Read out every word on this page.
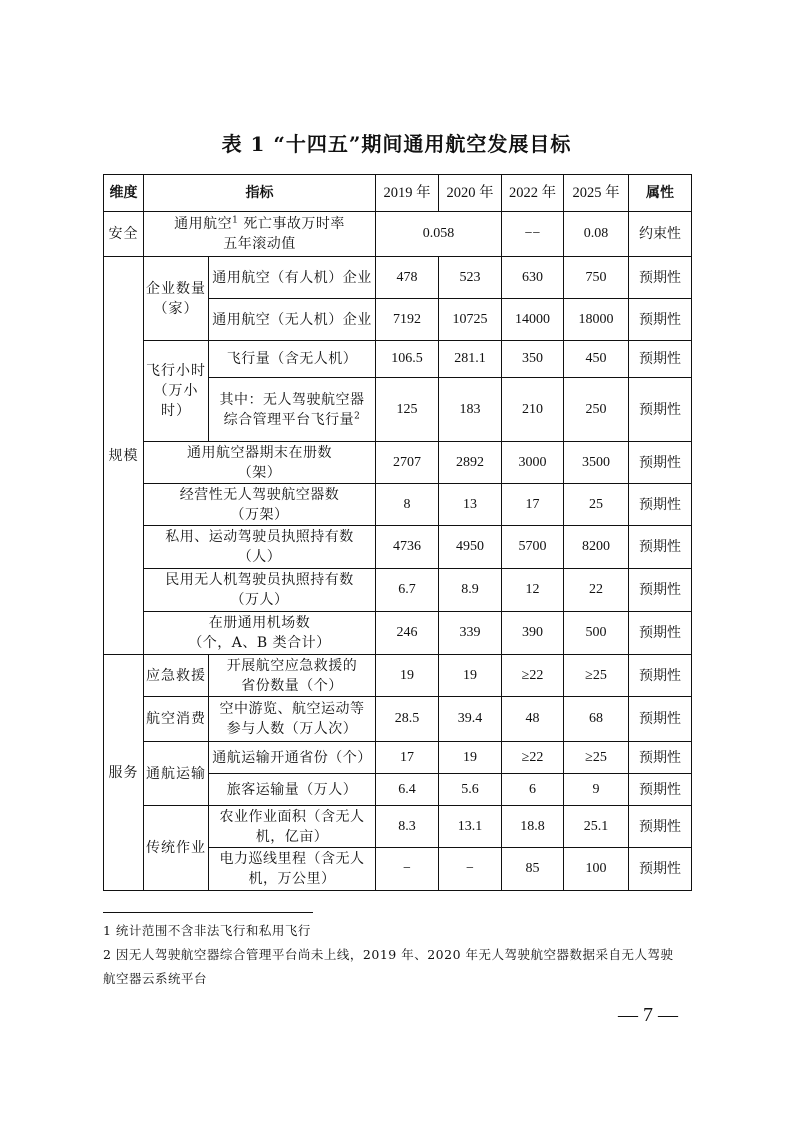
表 1 “十四五”期间通用航空发展目标
维度	指标		2019 年	2020 年	2022 年	2025 年	属性
安全	通用航空$^1$ 死亡事故万时率
五年滚动值		0.058		−−	0.08	约束性
规模	企业数量（家）	通用航空（有人机）企业	478	523	630	750	预期性
		通用航空（无人机）企业	7192	10725	14000	18000	预期性
	飞行小时（万小时）	飞行量（含无人机）	106.5	281.1	350	450	预期性
		其中：无人驾驶航空器
综合管理平台飞行量$^2$	125	183	210	250	预期性
	通用航空器期末在册数
（架）		2707	2892	3000	3500	预期性
	经营性无人驾驶航空器数
（万架）		8	13	17	25	预期性
	私用、运动驾驶员执照持有数
（人）		4736	4950	5700	8200	预期性
	民用无人机驾驶员执照持有数
（万人）		6.7	8.9	12	22	预期性
	在册通用机场数
（个，A、B 类合计）		246	339	390	500	预期性
服务	应急救援	开展航空应急救援的
省份数量（个）	19	19	≥22	≥25	预期性
	航空消费	空中游览、航空运动等
参与人数（万人次）	28.5	39.4	48	68	预期性
	通航运输	通航运输开通省份（个）	17	19	≥22	≥25	预期性
		旅客运输量（万人）	6.4	5.6	6	9	预期性
	传统作业	农业作业面积（含无人
机，亿亩）	8.3	13.1	18.8	25.1	预期性
		电力巡线里程（含无人
机，万公里）	−	−	85	100	预期性
1 统计范围不含非法飞行和私用飞行
2 因无人驾驶航空器综合管理平台尚未上线，2019 年、2020 年无人驾驶航空器数据采自无人驾驶
航空器云系统平台
— 7 —
